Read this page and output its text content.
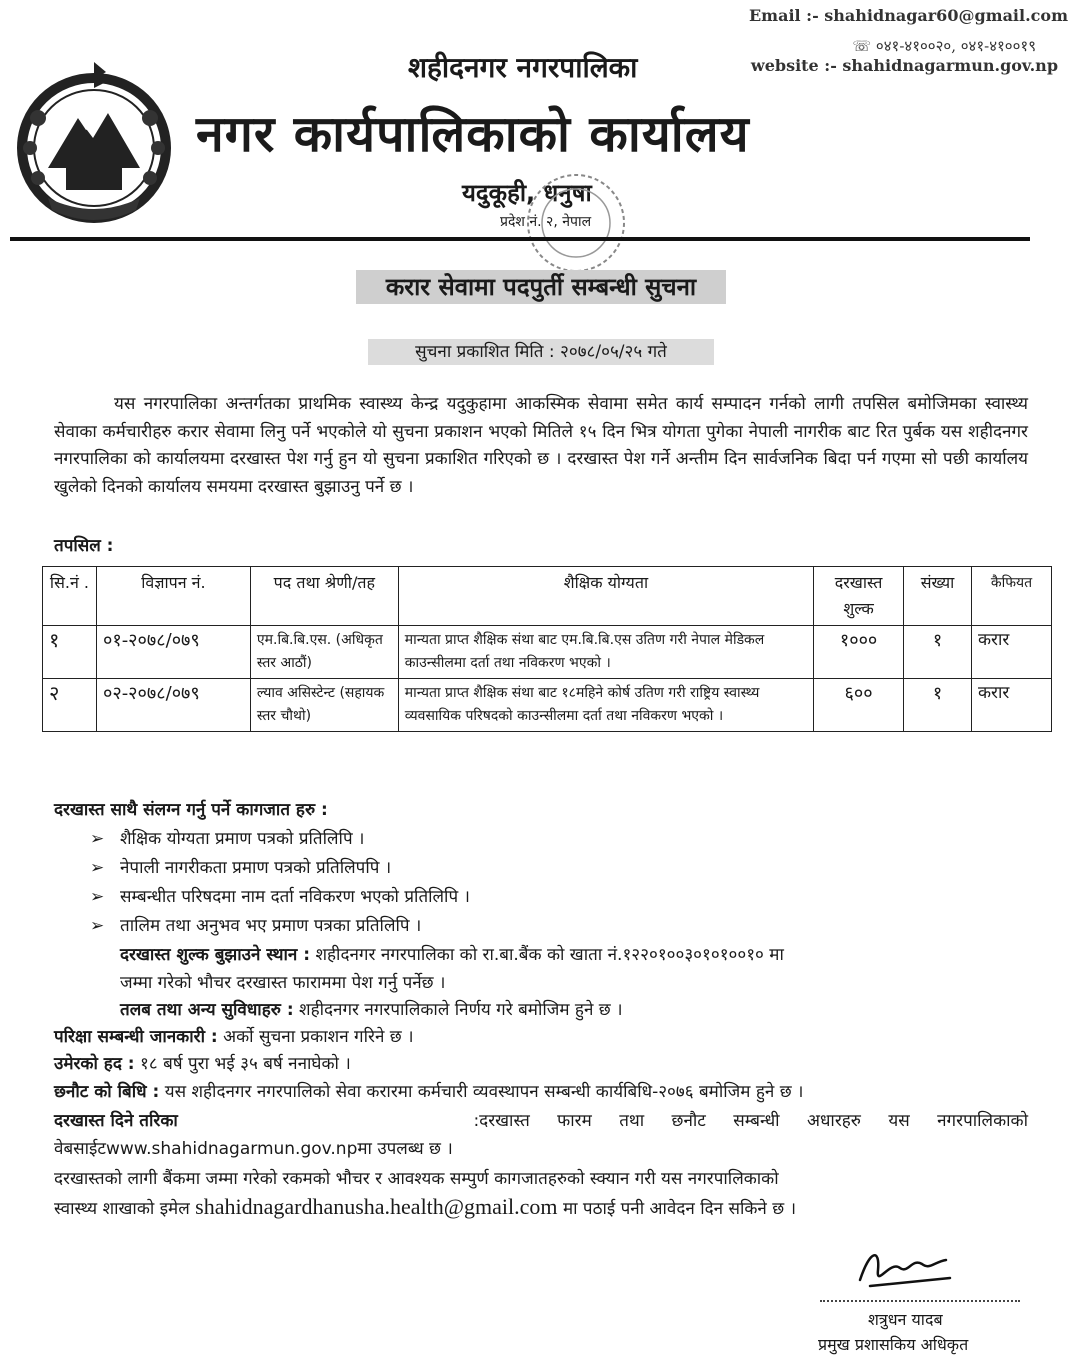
Email :- shahidnagar60@gmail.com
☏ ०४१-४१००२०, ०४१-४१००१९
website :- shahidnagarmun.gov.np
शहीदनगर नगरपालिका
नगर कार्यपालिकाको कार्यालय
यदुकूही, धनुषा
प्रदेश नं. २, नेपाल
करार सेवामा पदपुर्ती सम्बन्धी सुचना
सुचना प्रकाशित मिति : २०७८/०५/२५ गते
यस नगरपालिका अन्तर्गतका प्राथमिक स्वास्थ्य केन्द्र यदुकुहामा आकस्मिक सेवामा समेत कार्य सम्पादन गर्नको लागी तपसिल बमोजिमका स्वास्थ्य सेवाका कर्मचारीहरु करार सेवामा लिनु पर्ने भएकोले यो सुचना प्रकाशन भएको मितिले १५ दिन भित्र योगता पुगेका नेपाली नागरीक बाट रित पुर्बक यस शहीदनगर नगरपालिका को कार्यालयमा दरखास्त पेश गर्नु हुन यो सुचना प्रकाशित गरिएको छ । दरखास्त पेश गर्ने अन्तीम दिन सार्वजनिक बिदा पर्न गएमा सो पछी कार्यालय खुलेको दिनको कार्यालय समयमा दरखास्त बुझाउनु पर्ने छ ।
तपसिल :
सि.नं .	विज्ञापन नं.	पद तथा श्रेणी/तह	शैक्षिक योग्यता	दरखास्त शुल्क	संख्या	कैफियत
१	०१-२०७८/०७९	एम.बि.बि.एस. (अधिकृत स्तर आठौं)	मान्यता प्राप्त शैक्षिक संथा बाट एम.बि.बि.एस उतिण गरी नेपाल मेडिकल काउन्सीलमा दर्ता तथा नविकरण भएको ।	१०००	१	करार
२	०२-२०७८/०७९	ल्याव असिस्टेन्ट (सहायक स्तर चौथो)	मान्यता प्राप्त शैक्षिक संथा बाट १८महिने कोर्ष उतिण गरी राष्ट्रिय स्वास्थ्य व्यवसायिक परिषदको काउन्सीलमा दर्ता तथा नविकरण भएको ।	६००	१	करार
दरखास्त साथै संलग्न गर्नु पर्ने कागजात हरु :
➢ शैक्षिक योग्यता प्रमाण पत्रको प्रतिलिपि ।
➢ नेपाली नागरीकता प्रमाण पत्रको प्रतिलिपपि ।
➢ सम्बन्धीत परिषदमा नाम दर्ता नविकरण भएको प्रतिलिपि ।
➢ तालिम तथा अनुभव भए प्रमाण पत्रका प्रतिलिपि ।
दरखास्त शुल्क बुझाउने स्थान : शहीदनगर नगरपालिका को रा.बा.बैंक को खाता नं.१२२०१००३०१०१००१० मा
जम्मा गरेको भौचर दरखास्त फाराममा पेश गर्नु पर्नेछ ।
तलब तथा अन्य सुविधाहरु : शहीदनगर नगरपालिकाले निर्णय गरे बमोजिम हुने छ ।
परिक्षा सम्बन्धी जानकारी : अर्को सुचना प्रकाशन गरिने छ ।
उमेरको हद : १८ बर्ष पुरा भई ३५ बर्ष ननाघेको ।
छनौट को बिधि : यस शहीदनगर नगरपालिको सेवा करारमा कर्मचारी व्यवस्थापन सम्बन्धी कार्यबिधि-२०७६ बमोजिम हुने छ ।
दरखास्त दिने तरिका	:दरखास्त फारम तथा छनौट सम्बन्धी अधारहरु यस नगरपालिकाको
वेबसाईटwww.shahidnagarmun.gov.npमा उपलब्ध छ ।
दरखास्तको लागी बैंकमा जम्मा गरेको रकमको भौचर र आवश्यक सम्पुर्ण कागजातहरुको स्क्यान गरी यस नगरपालिकाको
स्वास्थ्य शाखाको इमेल shahidnagardhanusha.health@gmail.com मा पठाई पनी आवेदन दिन सकिने छ ।
शत्रुधन यादब
प्रमुख प्रशासकिय अधिकृत
